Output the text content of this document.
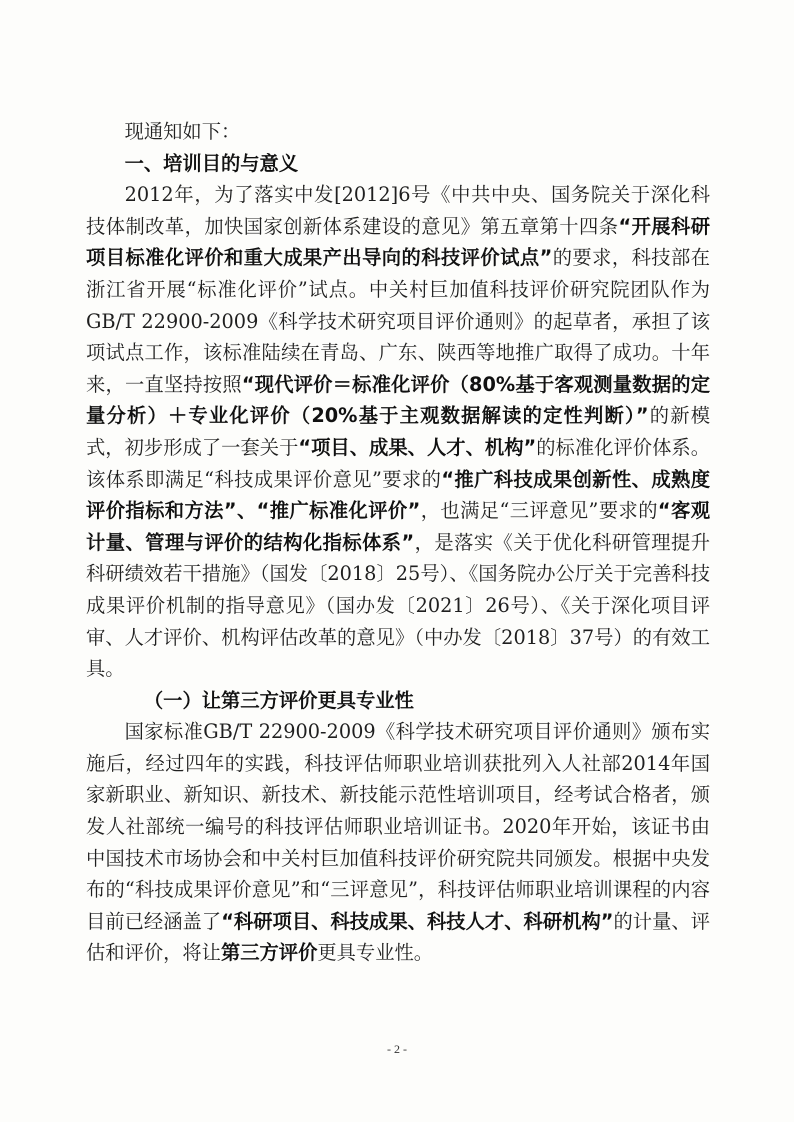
现通知如下：

一、培训目的与意义

2012年，为了落实中发[2012]6号《中共中央、国务院关于深化科技体制改革，加快国家创新体系建设的意见》第五章第十四条“开展科研项目标准化评价和重大成果产出导向的科技评价试点”的要求，科技部在浙江省开展“标准化评价”试点。中关村巨加值科技评价研究院团队作为GB/T 22900-2009《科学技术研究项目评价通则》的起草者，承担了该项试点工作，该标准陆续在青岛、广东、陕西等地推广取得了成功。十年来，一直坚持按照“现代评价＝标准化评价（80%基于客观测量数据的定量分析）＋专业化评价（20%基于主观数据解读的定性判断）”的新模式，初步形成了一套关于“项目、成果、人才、机构”的标准化评价体系。该体系即满足“科技成果评价意见”要求的“推广科技成果创新性、成熟度评价指标和方法”、“推广标准化评价”，也满足“三评意见”要求的“客观计量、管理与评价的结构化指标体系”，是落实《关于优化科研管理提升科研绩效若干措施》（国发〔2018〕25号）、《国务院办公厅关于完善科技成果评价机制的指导意见》（国办发〔2021〕26号）、《关于深化项目评审、人才评价、机构评估改革的意见》（中办发〔2018〕37号）的有效工具。

（一）让第三方评价更具专业性

国家标准GB/T 22900-2009《科学技术研究项目评价通则》颁布实施后，经过四年的实践，科技评估师职业培训获批列入人社部2014年国家新职业、新知识、新技术、新技能示范性培训项目，经考试合格者，颁发人社部统一编号的科技评估师职业培训证书。2020年开始，该证书由中国技术市场协会和中关村巨加值科技评价研究院共同颁发。根据中央发布的“科技成果评价意见”和“三评意见”，科技评估师职业培训课程的内容目前已经涵盖了“科研项目、科技成果、科技人才、科研机构”的计量、评估和评价，将让第三方评价更具专业性。

- 2 -
